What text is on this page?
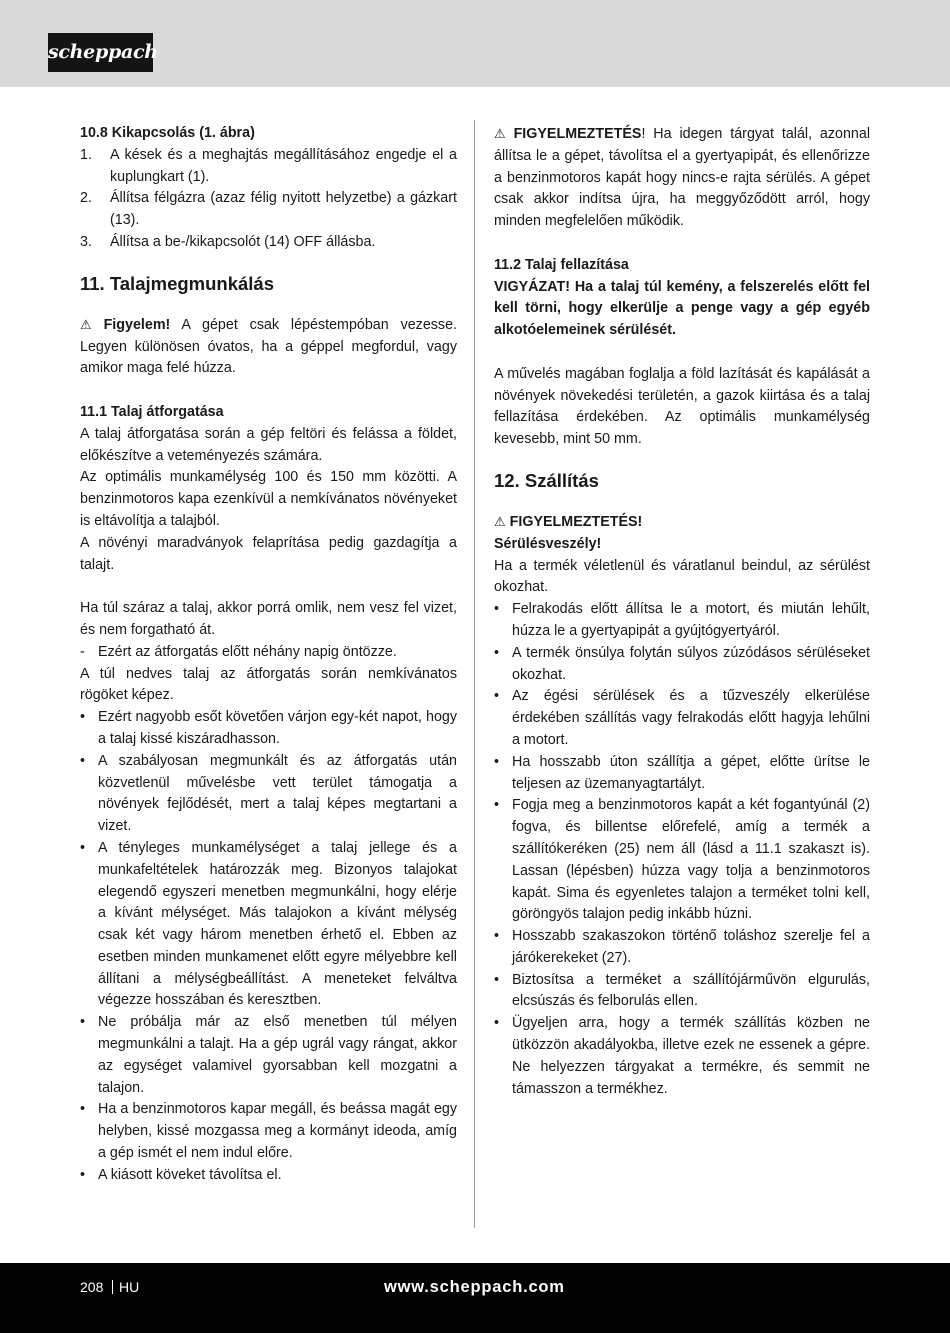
scheppach

10.8 Kikapcsolás (1. ábra)

1.	A kések és a meghajtás megállításához engedje el a kuplungkart (1).
2.	Állítsa félgázra (azaz félig nyitott helyzetbe) a gázkart (13).
3.	Állítsa a be-/kikapcsolót (14) OFF állásba.
11. Talajmegmunkálás

⚠ Figyelem! A gépet csak lépéstempóban vezesse. Legyen különösen óvatos, ha a géppel megfordul, vagy amikor maga felé húzza.

11.1 Talaj átforgatása

A talaj átforgatása során a gép feltöri és felássa a földet, előkészítve a veteményezés számára.

Az optimális munkamélység 100 és 150 mm közötti. A benzinmotoros kapa ezenkívül a nemkívánatos növényeket is eltávolítja a talajból.

A növényi maradványok felaprítása pedig gazdagítja a talajt.

Ha túl száraz a talaj, akkor porrá omlik, nem vesz fel vizet, és nem forgatható át.

- Ezért az átforgatás előtt néhány napig öntözze.

A túl nedves talaj az átforgatás során nemkívánatos rögöket képez.

• Ezért nagyobb esőt követően várjon egy-két napot, hogy a talaj kissé kiszáradhasson.
• A szabályosan megmunkált és az átforgatás után közvetlenül művelésbe vett terület támogatja a növények fejlődését, mert a talaj képes megtartani a vizet.
• A tényleges munkamélységet a talaj jellege és a munkafeltételek határozzák meg. Bizonyos talajokat elegendő egyszeri menetben megmunkálni, hogy elérje a kívánt mélységet. Más talajokon a kívánt mélység csak két vagy három menetben érhető el. Ebben az esetben minden munkamenet előtt egyre mélyebbre kell állítani a mélységbeállítást. A meneteket felváltva végezze hosszában és keresztben.
• Ne próbálja már az első menetben túl mélyen megmunkálni a talajt. Ha a gép ugrál vagy rángat, akkor az egységet valamivel gyorsabban kell mozgatni a talajon.
• Ha a benzinmotoros kapar megáll, és beássa magát egy helyben, kissé mozgassa meg a kormányt ideoda, amíg a gép ismét el nem indul előre.
• A kiásott köveket távolítsa el.

⚠ FIGYELMEZTETÉS! Ha idegen tárgyat talál, azonnal állítsa le a gépet, távolítsa el a gyertyapipát, és ellenőrizze a benzinmotoros kapát hogy nincs-e rajta sérülés. A gépet csak akkor indítsa újra, ha meggyőződött arról, hogy minden megfelelően működik.

11.2 Talaj fellazítása

VIGYÁZAT! Ha a talaj túl kemény, a felszerelés előtt fel kell törni, hogy elkerülje a penge vagy a gép egyéb alkotóelemeinek sérülését.

A művelés magában foglalja a föld lazítását és kapálását a növények növekedési területén, a gazok kiirtása és a talaj fellazítása érdekében. Az optimális munkamélység kevesebb, mint 50 mm.

12. Szállítás

⚠ FIGYELMEZTETÉS!

Sérülésveszély!

Ha a termék véletlenül és váratlanul beindul, az sérülést okozhat.

• Felrakodás előtt állítsa le a motort, és miután lehűlt, húzza le a gyertyapipát a gyújtógyertyáról.
• A termék önsúlya folytán súlyos zúzódásos sérüléseket okozhat.
• Az égési sérülések és a tűzveszély elkerülése érdekében szállítás vagy felrakodás előtt hagyja lehűlni a motort.
• Ha hosszabb úton szállítja a gépet, előtte ürítse le teljesen az üzemanyagtartályt.
• Fogja meg a benzinmotoros kapát a két fogantyúnál (2) fogva, és billentse előrefelé, amíg a termék a szállítókeréken (25) nem áll (lásd a 11.1 szakaszt is). Lassan (lépésben) húzza vagy tolja a benzinmotoros kapát. Sima és egyenletes talajon a terméket tolni kell, göröngyös talajon pedig inkább húzni.
• Hosszabb szakaszokon történő toláshoz szerelje fel a járókerekeket (27).
• Biztosítsa a terméket a szállítójárművön elgurulás, elcsúszás és felborulás ellen.
• Ügyeljen arra, hogy a termék szállítás közben ne ütközzön akadályokba, illetve ezek ne essenek a gépre. Ne helyezzen tárgyakat a termékre, és semmit ne támasszon a termékhez.
208 HU	www.scheppach.com
